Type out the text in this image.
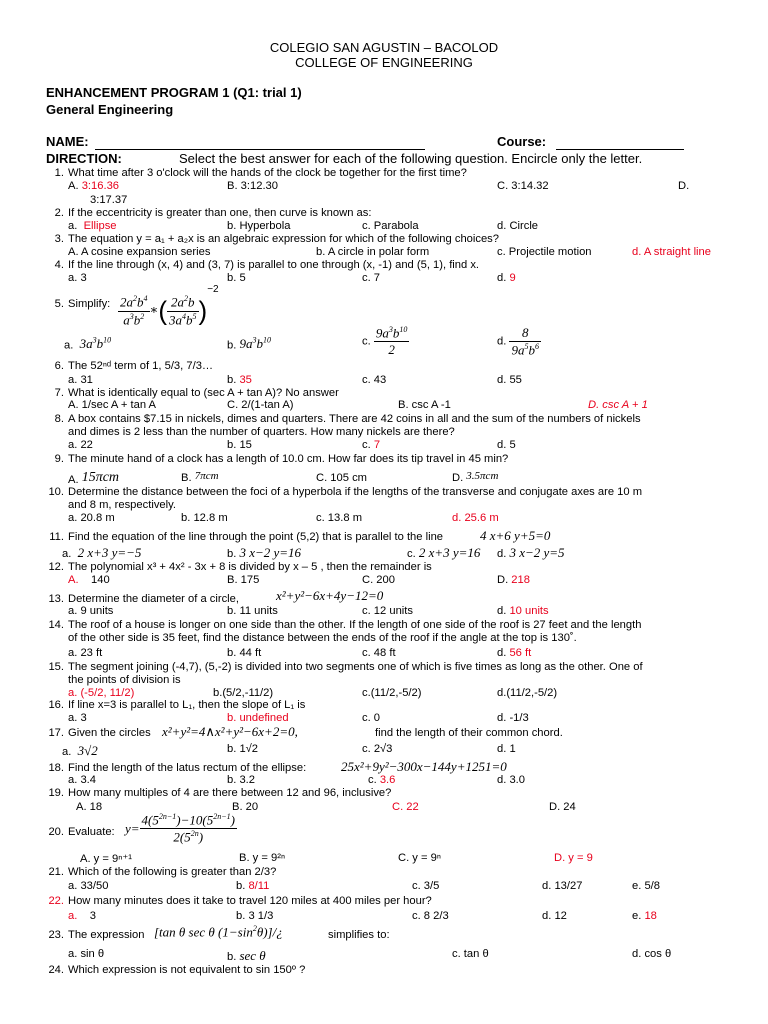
COLEGIO SAN AGUSTIN – BACOLOD
COLLEGE OF ENGINEERING
ENHANCEMENT PROGRAM 1 (Q1: trial 1)
General Engineering
NAME:	Course:
DIRECTION:	Select the best answer for each of the following question. Encircle only the letter.
1. What time after 3 o'clock will the hands of the clock be together for the first time?
A. 3:16.36	B. 3:12.30	C. 3:14.32	D.
3:17.37
2. If the eccentricity is greater than one, then curve is known as:
a. Ellipse	b. Hyperbola	c. Parabola	d. Circle
3. The equation y = a₁ + a₂x is an algebraic expression for which of the following choices?
A. A cosine expansion series	b. A circle in polar form	c. Projectile motion	d. A straight line
4. If the line through (x, 4) and (3, 7) is parallel to one through (x, -1) and (5, 1), find x.
a. 3	b. 5	c. 7	d. 9
5. Simplify: $\frac{2a^2b^4}{a^3b^2}$ ∗( $\frac{2a^2b}{3a^4b^5} )^{-2}$
a. $3a^3b^{10}$	b. $9a^3b^{10}$	c. $\frac{9a^3b^{10}}{2}$	d. $\frac{8}{9a^5b^6}$
6. The 52ⁿᵈ term of 1, 5/3, 7/3…
a. 31	b. 35	c. 43	d. 55
7. What is identically equal to (sec A + tan A)? No answer
A. 1/sec A + tan A	C. 2/(1-tan A)	B. csc A -1	D. csc A + 1
8. A box contains $7.15 in nickels, dimes and quarters. There are 42 coins in all and the sum of the numbers of nickels
and dimes is 2 less than the number of quarters. How many nickels are there?
a. 22	b. 15	c. 7	d. 5
9. The minute hand of a clock has a length of 10.0 cm. How far does its tip travel in 45 min?
A. 15πcm	B. 7πcm	C. 105 cm	D. 3.5πcm
10. Determine the distance between the foci of a hyperbola if the lengths of the transverse and conjugate axes are 10 m
and 8 m, respectively.
a. 20.8 m	b. 12.8 m	c. 13.8 m	d. 25.6 m
11. Find the equation of the line through the point (5,2) that is parallel to the line	4 x+6 y+5=0
a. 2 x+3 y=−5	b. 3 x−2 y=16	c. 2 x+3 y=16 d. 3 x−2 y=5
12. The polynomial x³ + 4x² - 3x + 8 is divided by x – 5 , then the remainder is
A. 140	B. 175	C. 200	D. 218
13. Determine the diameter of a circle,	x²+y²−6x+4y−12=0
a. 9 units	b. 11 units	c. 12 units	d. 10 units
14. The roof of a house is longer on one side than the other. If the length of one side of the roof is 27 feet and the length
of the other side is 35 feet, find the distance between the ends of the roof if the angle at the top is 130˚.
a. 23 ft	b. 44 ft	c. 48 ft	d. 56 ft
15. The segment joining (-4,7), (5,-2) is divided into two segments one of which is five times as long as the other. One of
the points of division is
a. (-5/2, 11/2)	b.(5/2,-11/2)	c.(11/2,-5/2)	d.(11/2,-5/2)
16. If line x=3 is parallel to L₁, then the slope of L₁ is
a. 3	b. undefined	c. 0	d. -1/3
17. Given the circles x²+y²=4∧x²+y²−6x+2=0,	find the length of their common chord.
a. 3√2	b. 1√2	c. 2√3	d. 1
18. Find the length of the latus rectum of the ellipse:	25x²+9y²−300x−144y+1251=0
a. 3.4	b. 3.2	c. 3.6	d. 3.0
19. How many multiples of 4 are there between 12 and 96, inclusive?
A. 18	B. 20	C. 22	D. 24
20. Evaluate: $y= \frac{4(5^{2n-1})-10(5^{2n-1})}{2(5^{2n})}$
A. y = 9ⁿ⁺¹	B. y = 9²ⁿ	C. y = 9ⁿ	D. y = 9
21. Which of the following is greater than 2/3?
a. 33/50	b. 8/11	c. 3/5	d. 13/27	e. 5/8
22. How many minutes does it take to travel 120 miles at 400 miles per hour?
a. 3	b. 3 1/3	c. 8 2/3	d. 12	e. 18
23. The expression [tan θ sec θ $(1-\sin^2\theta)]/¿$	simplifies to:
a. sin θ	b. sec θ	c. tan θ	d. cos θ
24. Which expression is not equivalent to sin 150º ?
